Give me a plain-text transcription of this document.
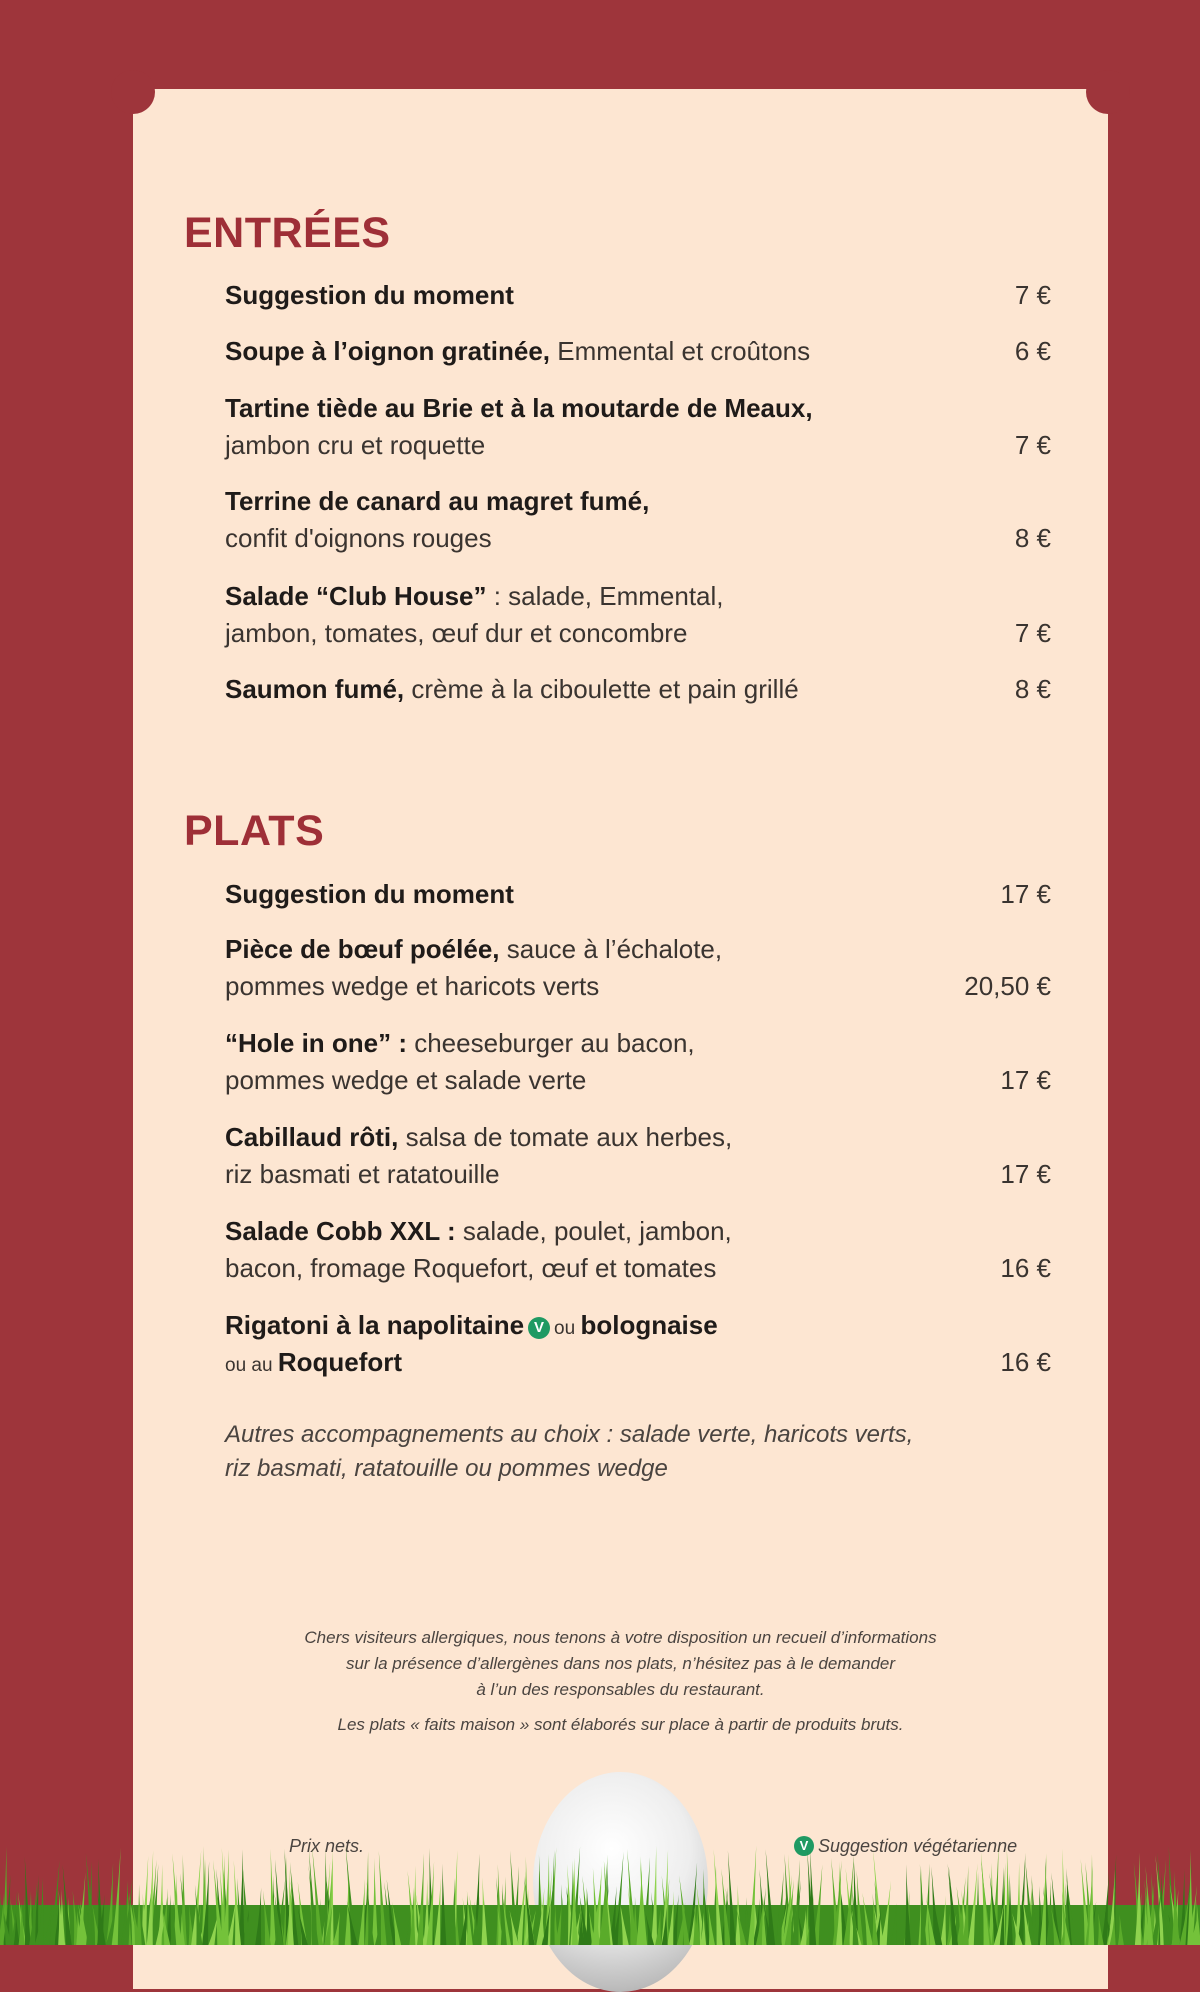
ENTRÉES
Suggestion du moment	7 €
Soupe à l’oignon gratinée, Emmental et croûtons	6 €
Tartine tiède au Brie et à la moutarde de Meaux,
jambon cru et roquette	7 €
Terrine de canard au magret fumé,
confit d'oignons rouges	8 €
Salade “Club House” : salade, Emmental,
jambon, tomates, œuf dur et concombre	7 €
Saumon fumé, crème à la ciboulette et pain grillé	8 €
PLATS
Suggestion du moment	17 €
Pièce de bœuf poélée, sauce à l’échalote,
pommes wedge et haricots verts	20,50 €
“Hole in one” : cheeseburger au bacon,
pommes wedge et salade verte	17 €
Cabillaud rôti, salsa de tomate aux herbes,
riz basmati et ratatouille	17 €
Salade Cobb XXL : salade, poulet, jambon,
bacon, fromage Roquefort, œuf et tomates	16 €
Rigatoni à la napolitaine V ou bolognaise
ou au Roquefort	16 €
Autres accompagnements au choix : salade verte, haricots verts,
riz basmati, ratatouille ou pommes wedge
Chers visiteurs allergiques, nous tenons à votre disposition un recueil d’informations
sur la présence d’allergènes dans nos plats, n’hésitez pas à le demander
à l’un des responsables du restaurant.
Les plats « faits maison » sont élaborés sur place à partir de produits bruts.
Prix nets.	V Suggestion végétarienne
